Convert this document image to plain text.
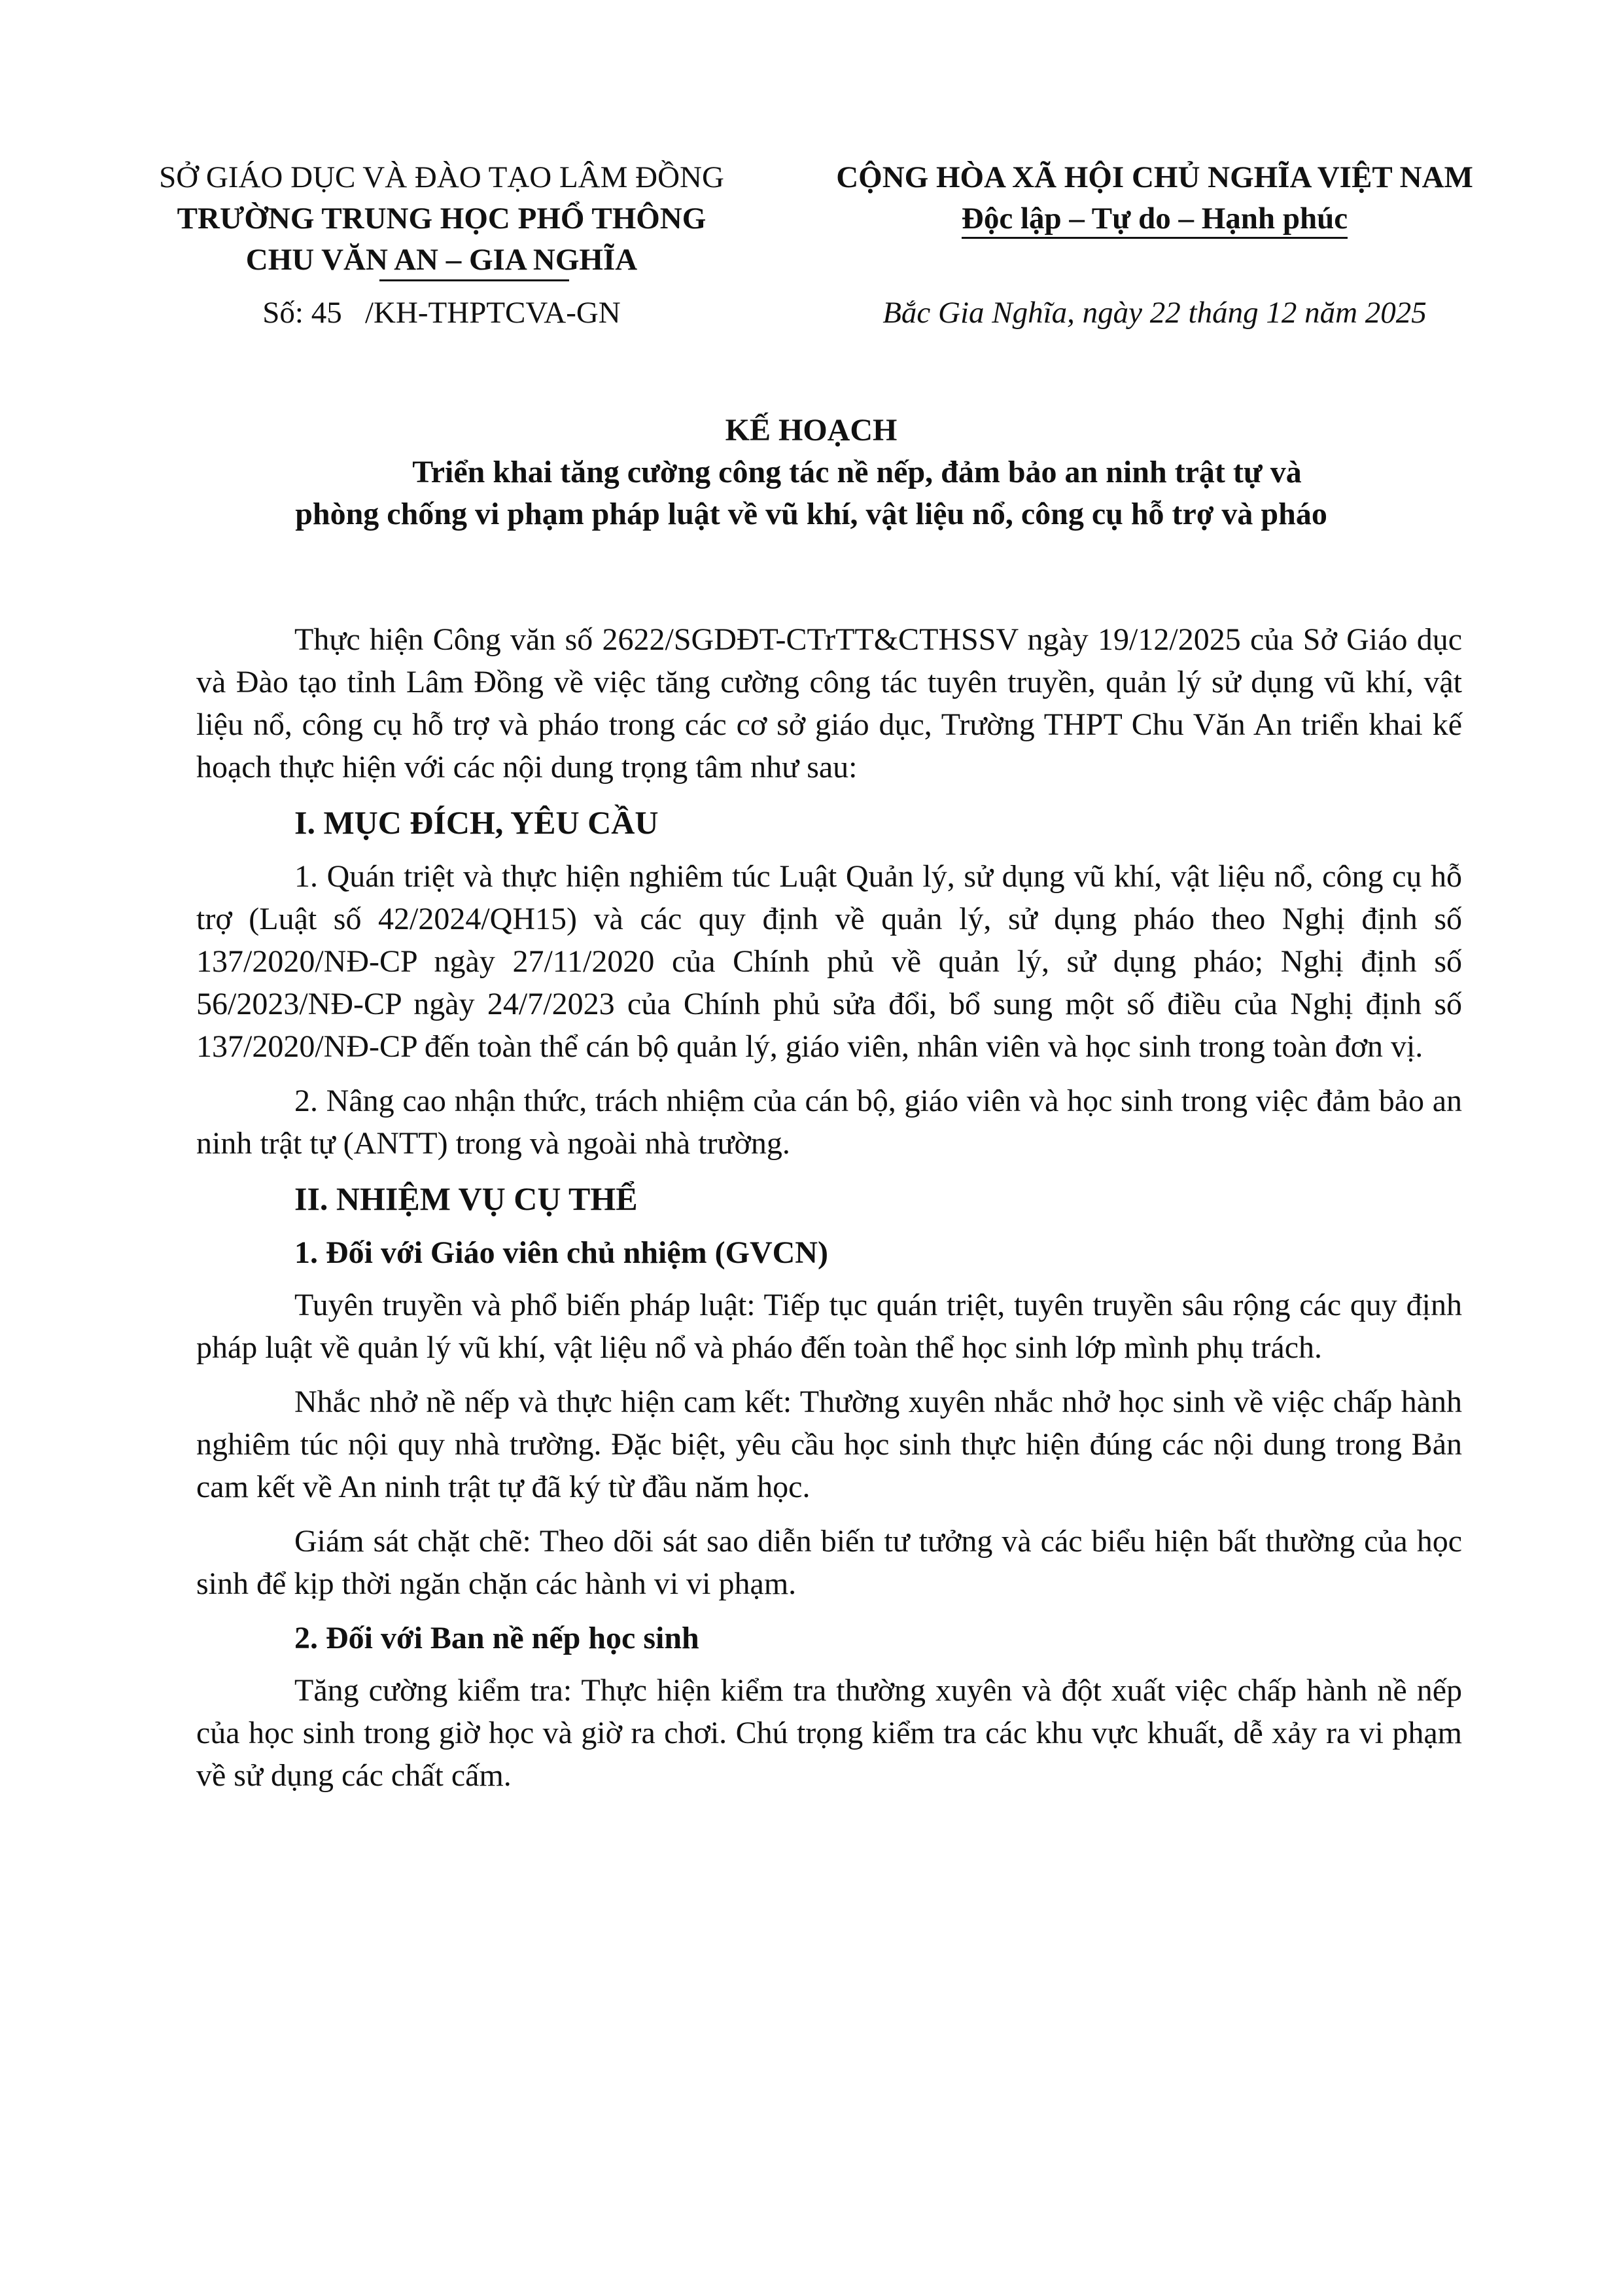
SỞ GIÁO DỤC VÀ ĐÀO TẠO LÂM ĐỒNG
TRƯỜNG TRUNG HỌC PHỔ THÔNG
CHU VĂN AN – GIA NGHĨA
CỘNG HÒA XÃ HỘI CHỦ NGHĨA VIỆT NAM
Độc lập – Tự do – Hạnh phúc
Số: 45   /KH-THPTCVA-GN	Bắc Gia Nghĩa, ngày 22 tháng 12 năm 2025
KẾ HOẠCH
Triển khai tăng cường công tác nề nếp, đảm bảo an ninh trật tự và
phòng chống vi phạm pháp luật về vũ khí, vật liệu nổ, công cụ hỗ trợ và pháo

Thực hiện Công văn số 2622/SGDĐT-CTrTT&CTHSSV ngày 19/12/2025 của Sở Giáo dục và Đào tạo tỉnh Lâm Đồng về việc tăng cường công tác tuyên truyền, quản lý sử dụng vũ khí, vật liệu nổ, công cụ hỗ trợ và pháo trong các cơ sở giáo dục, Trường THPT Chu Văn An triển khai kế hoạch thực hiện với các nội dung trọng tâm như sau:

I. MỤC ĐÍCH, YÊU CẦU

1. Quán triệt và thực hiện nghiêm túc Luật Quản lý, sử dụng vũ khí, vật liệu nổ, công cụ hỗ trợ (Luật số 42/2024/QH15) và các quy định về quản lý, sử dụng pháo theo Nghị định số 137/2020/NĐ-CP ngày 27/11/2020 của Chính phủ về quản lý, sử dụng pháo; Nghị định số 56/2023/NĐ-CP ngày 24/7/2023 của Chính phủ sửa đổi, bổ sung một số điều của Nghị định số 137/2020/NĐ-CP đến toàn thể cán bộ quản lý, giáo viên, nhân viên và học sinh trong toàn đơn vị.

2. Nâng cao nhận thức, trách nhiệm của cán bộ, giáo viên và học sinh trong việc đảm bảo an ninh trật tự (ANTT) trong và ngoài nhà trường.

II. NHIỆM VỤ CỤ THỂ
1. Đối với Giáo viên chủ nhiệm (GVCN)

Tuyên truyền và phổ biến pháp luật: Tiếp tục quán triệt, tuyên truyền sâu rộng các quy định pháp luật về quản lý vũ khí, vật liệu nổ và pháo đến toàn thể học sinh lớp mình phụ trách.

Nhắc nhở nề nếp và thực hiện cam kết: Thường xuyên nhắc nhở học sinh về việc chấp hành nghiêm túc nội quy nhà trường. Đặc biệt, yêu cầu học sinh thực hiện đúng các nội dung trong Bản cam kết về An ninh trật tự đã ký từ đầu năm học.

Giám sát chặt chẽ: Theo dõi sát sao diễn biến tư tưởng và các biểu hiện bất thường của học sinh để kịp thời ngăn chặn các hành vi vi phạm.

2. Đối với Ban nề nếp học sinh

Tăng cường kiểm tra: Thực hiện kiểm tra thường xuyên và đột xuất việc chấp hành nề nếp của học sinh trong giờ học và giờ ra chơi. Chú trọng kiểm tra các khu vực khuất, dễ xảy ra vi phạm về sử dụng các chất cấm.
